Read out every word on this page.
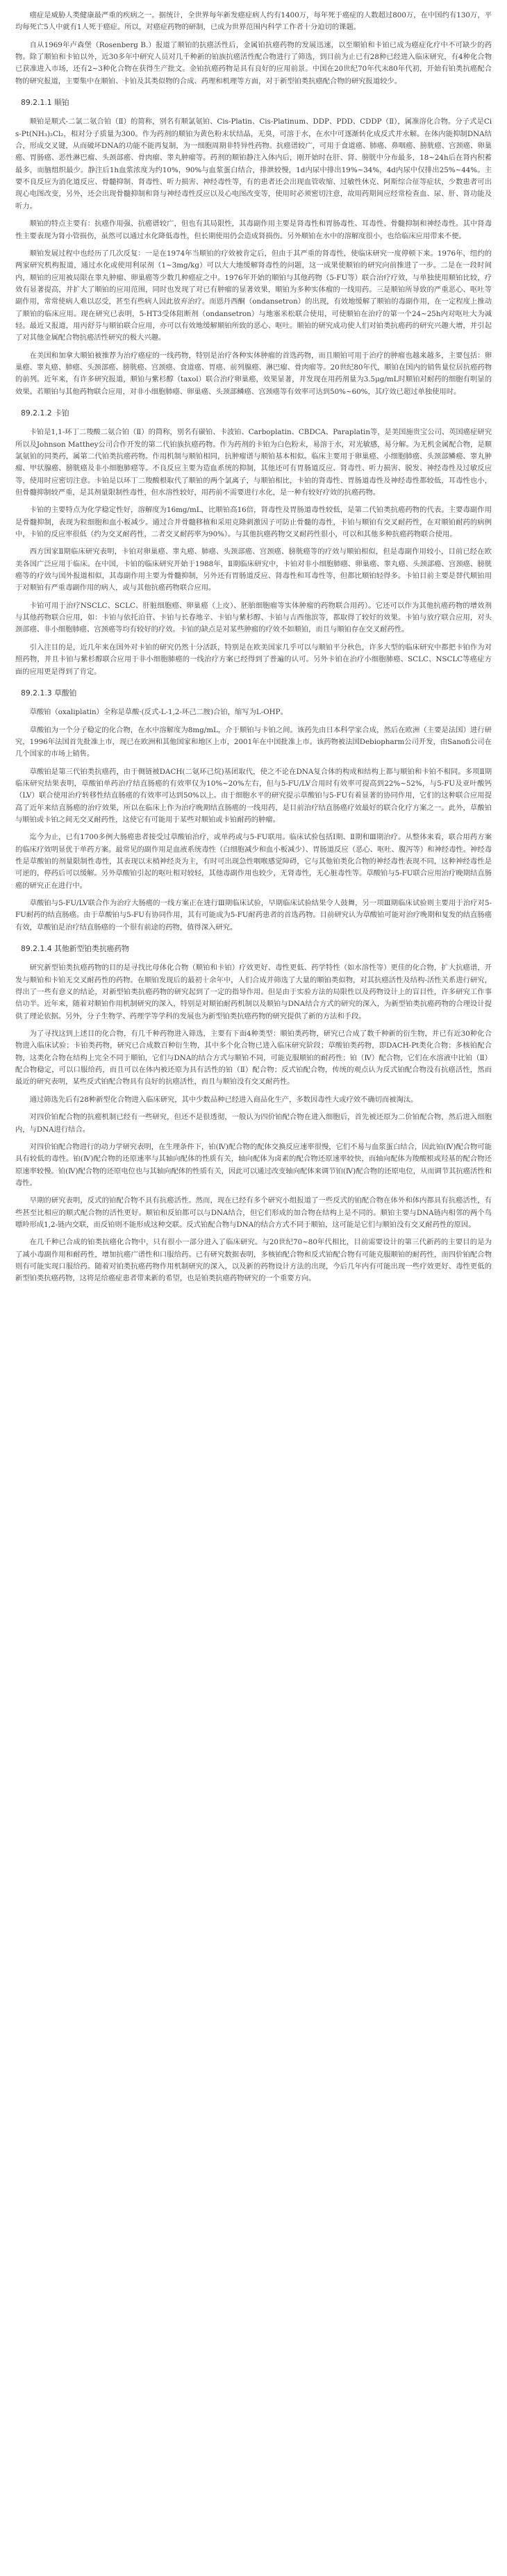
癌症是威胁人类健康最严重的疾病之一。据统计，全世界每年新发癌症病人约有1400万，每年死于癌症的人数超过800万，在中国约有130万，平均每死亡5人中就有1人死于癌症。所以，对癌症药物的研制，已成为世界范围内科学工作者十分迫切的课题。

自从1969年卢森堡（Rosenberg B.）报道了顺铂的抗癌活性后，金属铂抗癌药物的发展迅速，以至顺铂和卡铂已成为癌症化疗中不可缺少的药物。除了顺铂和卡铂以外，近30多年中研究人员对几千种新的铂族抗癌活性配合物进行了筛选，到目前为止已有28种已经进入临床研究，有4种化合物已获准进入市场，还有2~3种化合物在获得生产批文。金铂抗癌药物是具有良好的应用前景。中国在20世纪70年代末80年代初，开始有铂类抗癌配合物的研究报道，主要集中在顺铂、卡铂及其类似物的合成、药理和机理等方面，对于新型铂类抗癌配合物的研究报道较少。

89.2.1.1 顺铂

顺铂是顺式-二氯二氨合铂（Ⅱ）的简称，别名有顺氯氨铂、Cis-Platin、Cis-Platinum、DDP、PDD、CDDP（Ⅱ），属准溶化合物。分子式是Cis-Pt(NH₃)₂Cl₂，相对分子质量为300。作为药剂的顺铂为黄色粉末状结晶，无臭，可溶于水，在水中可逐渐转化成反式并水解。在体内能抑制DNA结合，形成交叉键，从而破坏DNA的功能不能再复制，为一细胞周期非特异性药物。抗癌谱较广，可用于食道癌、肺癌、鼻咽癌、膀胱癌、宫颈癌、卵巢癌、胃肠癌、恶性淋巴瘤、头颈部癌、骨肉瘤、睾丸肿瘤等。药剂的顺铂静注入体内后，刚开始时在肝、肾、膀胱中分布最多，18~24h后在肾内积蓄最多，而脑组织最少。静注后1h血浆浓度为约10%，90%与血浆蛋白结合，排泄较慢，1d内尿中排出19%~34%，4d内尿中仅排出25%~44%。主要不良反应为消化道反应、骨髓抑制、肾毒性、听力损害、神经毒性等，有的患者还会出现血管收缩、过敏性休克、阿斯综合征等症状，少数患者可出现心电图改变，另外，还会出现骨髓抑制和肾与神经毒性反应以及心电图改变等，使用时必须密切注意，故用药期间应经常检查血、尿、肝、肾功能及听力。

顺铂的特点主要有：抗癌作用强、抗癌谱较广，但也有其局限性，其毒副作用主要是肾毒性和胃肠毒性、耳毒性、骨髓抑制和神经毒性。其中肾毒性主要表现为肾小管损伤，虽然可以通过水化降低毒性，但长期使用仍会造成肾损伤。另外顺铂在水中的溶解度很小，也给临床应用带来不便。

顺铂发展过程中也经历了几次反复：一是在1974年当顺铂的疗效被肯定后，但由于其严重的肾毒性，使临床研究一度停顿下来。1976年，纽约的两家研究机构报道，通过水化或使用利尿剂（1~3mg/kg）可以大大地缓解肾毒性的问题，这一成果使顺铂的研究向前推进了一步。二是在一段时间内，顺铂的应用被局限在睾丸肿瘤、卵巢癌等少数几种癌症之中。1976年开始的顺铂与其他药物（5-FU等）联合治疗疗效，与单独使用顺铂比较，疗效有显著提高，并扩大了顺铂的应用范围，同时也发现了对已有肿瘤的显著效果，顺铂为多种实体瘤的一线用药。三是顺铂所导致的严重恶心、呕吐等副作用，常常使病人难以忍受，甚至有些病人因此放弃治疗。而恩丹西酮（ondansetron）的出现，有效地缓解了顺铂的毒副作用，在一定程度上推动了顺铂的临床应用。现在研究已表明，5-HT3受体阻断剂（ondansetron）与地塞米松联合使用，可使顺铂在治疗的第一个24~25h内对呕吐大为减轻。最近又报道，用丙舒芬与顺铂联合应用，亦可以有效地缓解顺铂所致的恶心、呕吐。顺铂的研究成功使人们对铂类抗癌药的研究兴趣大增，并引起了对其他金属配合物抗癌活性研究的极大兴趣。

在美国和加拿大顺铂被推荐为治疗癌症的一线药物，特别是治疗各种实体肿瘤的首选药物，而且顺铂可用于治疗的肿瘤也越来越多，主要包括：卵巢癌、睾丸癌、肺癌、头颈部癌、膀胱癌、宫颈癌、食道癌、胃癌、前列腺癌、淋巴瘤、骨肉瘤等。20世纪80年代，顺铂在国内的销售量位居抗癌药物的前列。近年来，有许多研究报道，顺铂与紫杉醇（taxol）联合治疗卵巢癌，效果显著，并发现在用药剂量为3.5μg/mL时顺铂对耐药的细胞有明显的效果。若顺铂与其他药物联合应用，对非小细胞肺癌、卵巢癌、头颈部鳞癌、宫颈癌等有效率可达到50%~60%，其疗效已超过单独使用时。

89.2.1.2 卡铂

卡铂是1,1-环丁二羧酸二氨合铂（Ⅱ）的简称，别名有碳铂、卡波铂、Carboplatin、CBDCA、Paraplatin等，是美国施贵宝公司、英国癌症研究所以及Johnson Matthey公司合作开发的第二代铂族抗癌药物。作为药剂的卡铂为白色粉末，易溶于水，对光敏感，易分解。为无机金属配合物，是顺氯氨铂的同类药，属第二代铂类抗癌药物。作用机制与顺铂相同，抗肿瘤谱与顺铂基本相似。临床主要用于卵巢癌、小细胞肺癌、头颈部鳞癌、睾丸肿瘤、甲状腺癌、膀胱癌及非小细胞肺癌等。不良反应主要为造血系统的抑制，其他还可有胃肠道反应、肾毒性、听力损害、脱发、神经毒性及过敏反应等，使用时应密切注意。卡铂是以环丁二羧酸根取代了顺铂的两个氯离子，与顺铂相比，卡铂的肾毒性、胃肠道毒性及神经毒性都较低，耳毒性也小，但骨髓抑制较严重，是其剂量限制性毒性，但水溶性较好，用药前不需要进行水化，是一种有较好疗效的抗癌药物。

卡铂的主要特点为化学稳定性好，溶解度为16mg/mL，比顺铂高16倍，肾毒性及胃肠道毒性较低，是第二代铂类抗癌药物的代表。主要毒副作用是骨髓抑制，表现为粒细胞和血小板减少。通过合并骨髓移植和采用克隆刺激因子可防止骨髓的毒性，卡铂与顺铂有交叉耐药性，在对顺铂耐药的病例中，卡铂的反应率很低（约为交叉耐药性，二者交叉耐药率为90%）。与其他抗癌药物交叉耐药性很小，可以和其他多种抗癌药物联合使用。

西方国家Ⅱ期临床研究表明，卡铂对卵巢癌、睾丸癌、肺癌、头颈部癌、宫颈癌、膀胱癌等的疗效与顺铂相似，但是毒副作用较小，目前已经在欧美各国广泛应用于临床。在中国，卡铂的临床研究开始于1988年，Ⅱ期临床研究中，卡铂对非小细胞肺癌、卵巢癌、睾丸癌、头颈部癌、宫颈癌、膀胱癌等的疗效与国外报道相似，其毒副作用主要为骨髓抑制，另外还有胃肠道反应、肾毒性和耳毒性等，但都比顺铂轻得多。卡铂目前主要是替代顺铂用于对顺铂有严重毒副作用的病人，或与其他抗癌药物联合应用。

卡铂可用于治疗NSCLC、SCLC、肝脏细胞癌、卵巢癌（上皮）、胚胎细胞瘤等实体肿瘤的药物联合用药）。它还可以作为其他抗癌药物的增效剂与其他药物联合应用，如：卡铂与依托泊苷、卡铂与长春地辛、卡铂与紫杉醇、卡铂与吉西他滨等，都取得了较好的效果。卡铂与放疗联合应用，对头颈部癌、非小细胞肺癌、宫颈癌等均有较好的疗效。卡铂的缺点是对某些肿瘤的疗效不如顺铂，而且与顺铂存在交叉耐药性。

引入注目的是，近几年来在国外对卡铂的研究仍然十分活跃，特别是在欧美国家几乎可以与顺铂平分秋色，许多大型的临床研究中都把卡铂作为对照药物，并且卡铂与紫杉醇联合应用于非小细胞肺癌的一线治疗方案已经得到了普遍的认可。另外卡铂在治疗小细胞肺癌、SCLC、NSCLC等癌症方面的应用更是得到了肯定。

89.2.1.3 草酸铂

草酸铂（oxaliplatin）全称是草酸·(反式-L-1,2-环己二胺)合铂，缩写为L-OHP。

草酸铂为一个分子稳定的化合物，在水中溶解度为8mg/mL，介于顺铂与卡铂之间。该药先由日本科学家合成，然后在欧洲（主要是法国）进行研究，1996年法国首先批准上市，现已在欧洲和其他国家和地区上市，2001年在中国批准上市。该药物被法国Debiopharm公司开发，由Sanofi公司在几个国家的市场上销售。

草酸铂是第三代铂类抗癌药，由于侧链被DACH(二氨环己烷)基团取代，使之不论在DNA复合体的构成和结构上都与顺铂和卡铂不相同。多项Ⅱ期临床研究结果表明，草酸铂单药治疗结直肠癌的有效率仅为10%~20%左右，但与5-FU/LV合用时有效率可提高到22%~52%，与5-FU及亚叶酸钙（LV）联合使用治疗转移性结直肠癌的有效率可达到50%以上。由于细胞水平的研究提示草酸铂与5-FU有着显著的协同作用，它们的这种联合应用提高了近年来结直肠癌的治疗效果，所以在临床上作为治疗晚期结直肠癌的一线用药，是目前治疗结直肠癌疗效最好的联合化疗方案之一。此外，草酸铂与顺铂或卡铂之间无交叉耐药性，这使它有可能用于某些对顺铂或卡铂耐药的肿瘤。

迄今为止，已有1700多例大肠癌患者接受过草酸铂治疗，或单药或与5-FU联用。临床试验包括Ⅰ期、Ⅱ期和Ⅲ期治疗。从整体来看，联合用药方案的临床疗效明显优于单药方案。最常见的副作用是血液系统毒性（白细胞减少和血小板减少）、胃肠道反应（恶心、呕吐、腹泻等）和神经毒性。神经毒性是草酸铂的剂量限制性毒性，其表现以末梢神经炎为主，有时可出现急性咽喉感觉障碍，它与其他铂类化合物的神经毒性表现不同，这种神经毒性是可逆的，停药后可以缓解。另外草酸铂引起的呕吐相对较轻，其他毒副作用也较少，无肾毒性，无心脏毒性等。草酸铂与5-FU联合应用治疗晚期结直肠癌的研究正在进行中。

草酸铂与5-FU/LV联合作为治疗大肠癌的一线方案正在进行Ⅲ期临床试验，早期临床试验结果令人鼓舞，另一项Ⅲ期临床试验则主要用于治疗对5-FU耐药的结直肠癌。由于草酸铂与5-FU有协同作用，其有可能成为5-FU耐药患者的首选药物。目前研究认为草酸铂可能对治疗晚期和复发的结直肠癌有效，草酸铂是治疗结直肠癌的一个很有前途的药物，值得深入研究。

89.2.1.4 其他新型铂类抗癌药物

研究新型铂类抗癌药物的目的是寻找比母体化合物（顺铂和卡铂）疗效更好、毒性更低、药学特性（如水溶性等）更佳的化合物，扩大抗癌谱，开发与顺铂和卡铂无交叉耐药性的药物。在顺铂发现后的最初十余年中，人们合成并筛选了大量的顺铂类似物，对其抗癌活性及结构-活性关系进行研究，得出了一些有意义的结论，对新型铂类抗癌药物的研究起到了一定的指导作用。但是由于实验方法的局限性以及药物设计上的盲目性，许多研究工作事倍功半。近年来，随着对顺铂作用机制研究的深入，特别是对顺铂耐药机制以及顺铂与DNA结合方式的研究的深入，为新型铂类抗癌药物的合理设计提供了理论依据。另外，分子生物学、药理学等学科的发展也为新型铂类抗癌药物的研究提供了新的方法和手段。

为了寻找这到上述目的化合物，有几千种药物进入筛选，主要有下面4种类型：顺铂类药物，研究已合成了数千种新的衍生物，并已有近30种化合物进入临床试验；卡铂类药物，研究已合成数百种衍生物，其中多个化合物已进入临床研究阶段；草酸铂类药物，即DACH-Pt类化合物；多核铂配合物，这类化合物在结构上完全不同于顺铂，它们与DNA的结合方式与顺铂不同，可能克服顺铂的耐药性；铂（Ⅳ）配合物，它们在水溶液中比铂（Ⅱ）配合物稳定，可以口服给药，而且可以在体内被还原为具有活性的铂（Ⅱ）配合物；反式铂配合物，传统的观点认为反式铂配合物没有抗癌活性，然而最近的研究表明，某些反式铂配合物具有良好的抗癌活性，而且与顺铂没有交叉耐药性。

通过筛选先后有28种新型化合物进入临床研究，其中少数品种已经进入商品化生产，多数因毒性大或疗效不确切而被淘汰。

对四价铂配合物的抗癌机制已经有一些研究，但还不是很透彻，一般认为四价铂配合物在进入细胞后，首先被还原为二价铂配合物，然后进入细胞内，与DNA进行结合。

对四价铂配合物进行的动力学研究表明，在生理条件下，铂(Ⅳ)配合物的配体交换反应速率很慢，它们不易与血浆蛋白结合，因此铂(Ⅳ)配合物可能具有较低的毒性。铂(Ⅳ)配合物的还原速率与其轴向配体的性质有关，轴向配体为卤素的配合物还原速率较快，而轴向配体为羧酸根或羟基的配合物还原速率较慢。铂(Ⅳ)配合物的还原电位也与其轴向配体的性质有关，因此可以通过改变轴向配体来调节铂(Ⅳ)配合物的还原电位，从而调节其抗癌活性和毒性。

早期的研究表明，反式的铂配合物不具有抗癌活性。然而，现在已经有多个研究小组报道了一些反式的铂配合物在体外和体内都具有抗癌活性，有些甚至比相应的顺式配合物的活性更好。顺铂和反铂都可以与DNA结合，但它们形成的加合物在结构上是不同的。顺铂主要与DNA链内相邻的两个鸟嘌呤形成1,2-链内交联，而反铂则不能形成这种交联。反式铂配合物与DNA的结合方式不同于顺铂，这可能是它们与顺铂没有交叉耐药性的原因。

在几千种已合成的铂类抗癌化合物中，只有很小一部分进入了临床研究。与20世纪70~80年代相比，目前需要设计的第三代新药的主要目的是为了减小毒副作用和耐药性，增加抗癌广谱性和口服给药。已有研究数据表明，多核铂配合物和反式铂配合物有可能克服顺铂的耐药性，而四价铂配合物则有可能实现口服给药。随着对铂类抗癌药物作用机制研究的深入，以及新的药物设计方法的出现，今后几年内有可能出现一些疗效更好、毒性更低的新型铂类抗癌药物，这将是给癌症患者带来新的希望，也是铂类抗癌药物研究的一个重要方向。
